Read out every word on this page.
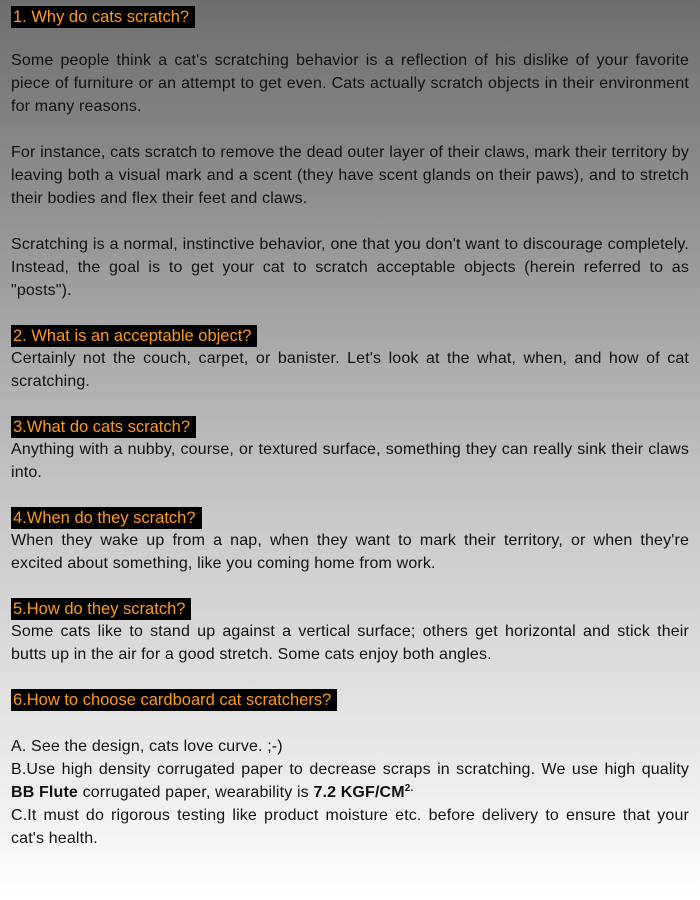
1. Why do cats scratch?

Some people think a cat's scratching behavior is a reflection of his dislike of your favorite piece of furniture or an attempt to get even. Cats actually scratch objects in their environment for many reasons.

For instance, cats scratch to remove the dead outer layer of their claws, mark their territory by leaving both a visual mark and a scent (they have scent glands on their paws), and to stretch their bodies and flex their feet and claws.

Scratching is a normal, instinctive behavior, one that you don't want to discourage completely. Instead, the goal is to get your cat to scratch acceptable objects (herein referred to as "posts").

2. What is an acceptable object?

Certainly not the couch, carpet, or banister. Let's look at the what, when, and how of cat scratching.

3.What do cats scratch?

Anything with a nubby, course, or textured surface, something they can really sink their claws into.

4.When do they scratch?

When they wake up from a nap, when they want to mark their territory, or when they're excited about something, like you coming home from work.

5.How do they scratch?

Some cats like to stand up against a vertical surface; others get horizontal and stick their butts up in the air for a good stretch. Some cats enjoy both angles.

6.How to choose cardboard cat scratchers?

A. See the design, cats love curve. ;-)

B.Use high density corrugated paper to decrease scraps in scratching. We use high quality BB Flute corrugated paper, wearability is 7.2 KGF/$CM^{2.}$

C.It must do rigorous testing like product moisture etc. before delivery to ensure that your cat's health.
